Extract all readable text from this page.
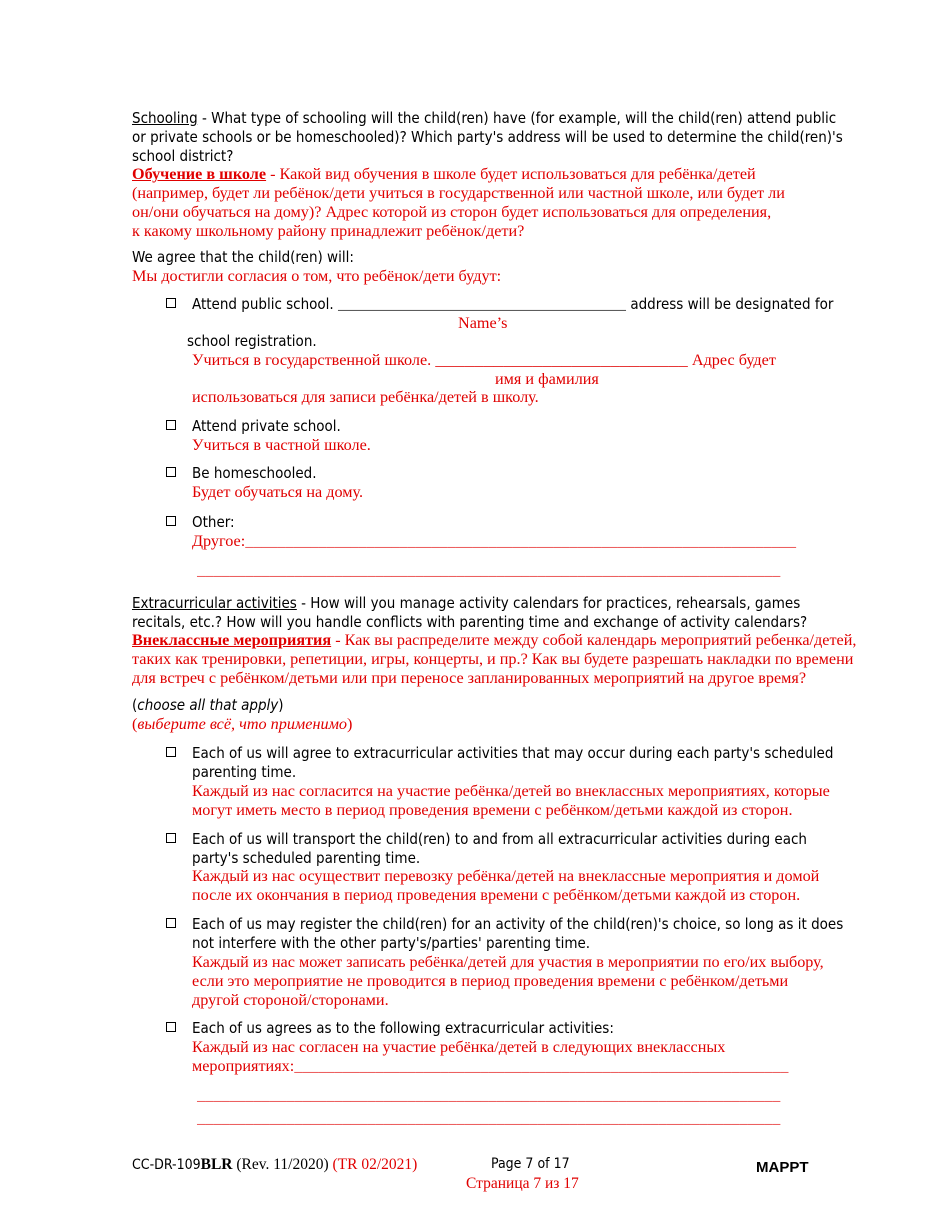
Schooling - What type of schooling will the child(ren) have (for example, will the child(ren) attend public
or private schools or be homeschooled)? Which party's address will be used to determine the child(ren)'s
school district?
Обучение в школе - Какой вид обучения в школе будет использоваться для ребёнка/детей
(например, будет ли ребёнок/дети учиться в государственной или частной школе, или будет ли
он/они обучаться на дому)? Адрес которой из сторон будет использоваться для определения,
к какому школьному району принадлежит ребёнок/дети?
We agree that the child(ren) will:
Мы достигли согласия о том, что ребёнок/дети будут:
Attend public school. ________________________________ address will be designated for
Name’s
school registration.
Учиться в государственной школе. __________________________ Адрес будет
имя и фамилия
использоваться для записи ребёнка/детей в школу.
Attend private school.
Учиться в частной школе.
Be homeschooled.
Будет обучаться на дому.
Other:
Другое:____________________________________________________________________
________________________________________________________________________
Extracurricular activities - How will you manage activity calendars for practices, rehearsals, games
recitals, etc.? How will you handle conflicts with parenting time and exchange of activity calendars?
Внеклассные мероприятия - Как вы распределите между собой календарь мероприятий ребенка/детей,
таких как тренировки, репетиции, игры, концерты, и пр.? Как вы будете разрешать накладки по времени
для встреч с ребёнком/детьми или при переносе запланированных мероприятий на другое время?
(choose all that apply)
(выберите всё, что применимо)
Each of us will agree to extracurricular activities that may occur during each party's scheduled
parenting time.
Каждый из нас согласится на участие ребёнка/детей во внеклассных мероприятиях, которые
могут иметь место в период проведения времени с ребёнком/детьми каждой из сторон.
Each of us will transport the child(ren) to and from all extracurricular activities during each
party's scheduled parenting time.
Каждый из нас осуществит перевозку ребёнка/детей на внеклассные мероприятия и домой
после их окончания в период проведения времени с ребёнком/детьми каждой из сторон.
Each of us may register the child(ren) for an activity of the child(ren)'s choice, so long as it does
not interfere with the other party's/parties' parenting time.
Каждый из нас может записать ребёнка/детей для участия в мероприятии по его/их выбору,
если это мероприятие не проводится в период проведения времени с ребёнком/детьми
другой стороной/сторонами.
Each of us agrees as to the following extracurricular activities:
Каждый из нас согласен на участие ребёнка/детей в следующих внеклассных
мероприятиях:_____________________________________________________________
________________________________________________________________________
________________________________________________________________________
CC-DR-109BLR (Rev. 11/2020) (TR 02/2021)	Page 7 of 17
Страница 7 из 17
MAPPT
